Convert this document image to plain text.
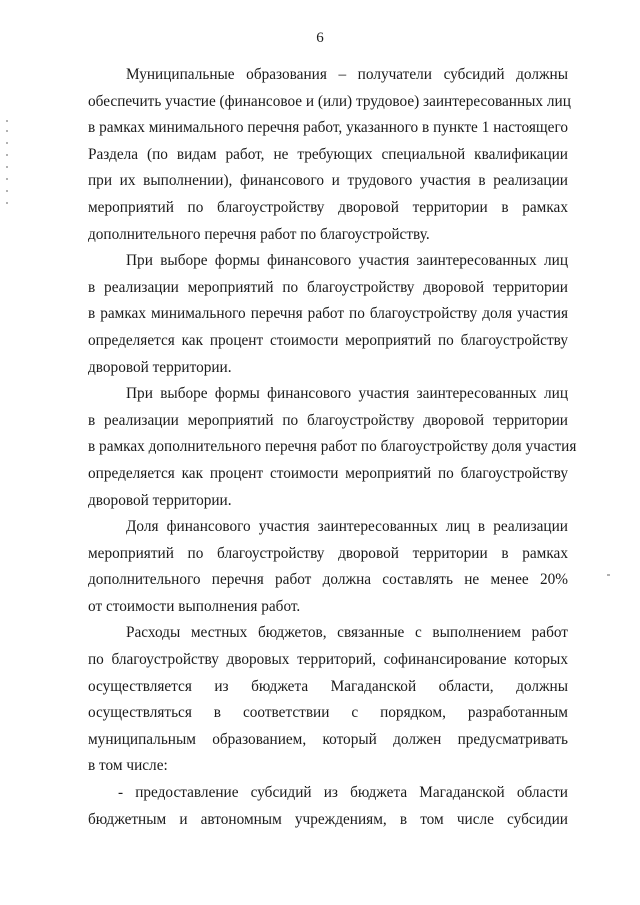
6
Муниципальные образования – получатели субсидий должны
обеспечить участие (финансовое и (или) трудовое) заинтересованных лиц
в рамках минимального перечня работ, указанного в пункте 1 настоящего
Раздела (по видам работ, не требующих специальной квалификации
при их выполнении), финансового и трудового участия в реализации
мероприятий по благоустройству дворовой территории в рамках
дополнительного перечня работ по благоустройству.
При выборе формы финансового участия заинтересованных лиц
в реализации мероприятий по благоустройству дворовой территории
в рамках минимального перечня работ по благоустройству доля участия
определяется как процент стоимости мероприятий по благоустройству
дворовой территории.
При выборе формы финансового участия заинтересованных лиц
в реализации мероприятий по благоустройству дворовой территории
в рамках дополнительного перечня работ по благоустройству доля участия
определяется как процент стоимости мероприятий по благоустройству
дворовой территории.
Доля финансового участия заинтересованных лиц в реализации
мероприятий по благоустройству дворовой территории в рамках
дополнительного перечня работ должна составлять не менее 20%
от стоимости выполнения работ.
Расходы местных бюджетов, связанные с выполнением работ
по благоустройству дворовых территорий, софинансирование которых
осуществляется из бюджета Магаданской области, должны
осуществляться в соответствии с порядком, разработанным
муниципальным образованием, который должен предусматривать
в том числе:
- предоставление субсидий из бюджета Магаданской области
бюджетным и автономным учреждениям, в том числе субсидии
